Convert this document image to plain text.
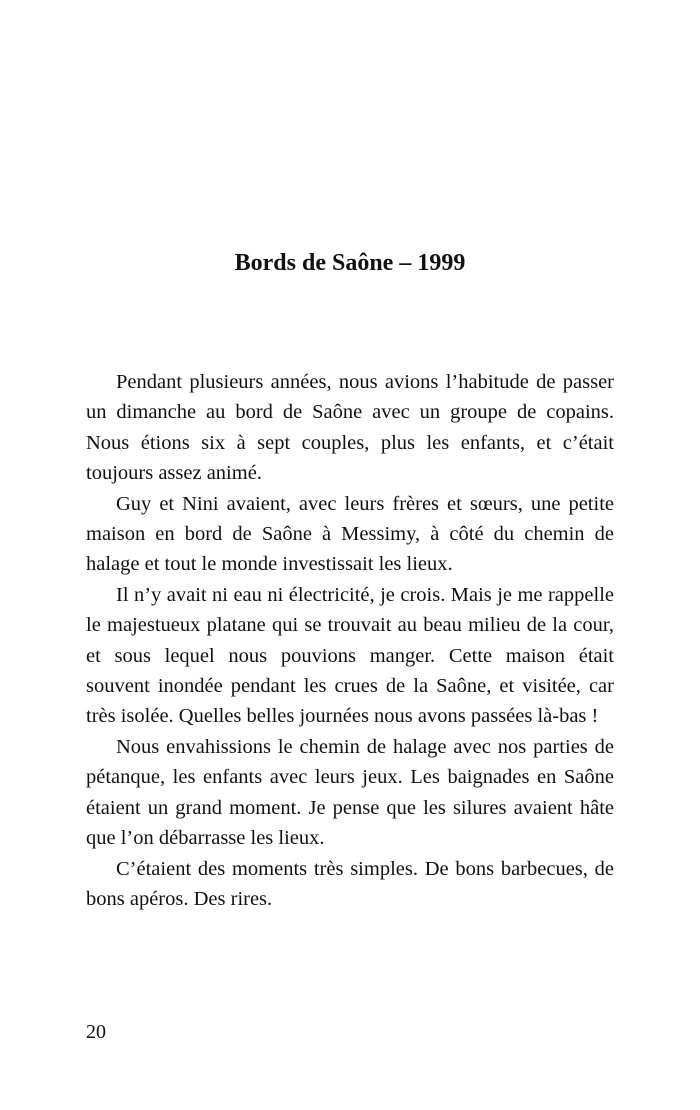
Bords de Saône – 1999

Pendant plusieurs années, nous avions l’habitude de passer un dimanche au bord de Saône avec un groupe de copains. Nous étions six à sept couples, plus les enfants, et c’était toujours assez animé.

Guy et Nini avaient, avec leurs frères et sœurs, une petite maison en bord de Saône à Messimy, à côté du chemin de halage et tout le monde investissait les lieux.

Il n’y avait ni eau ni électricité, je crois. Mais je me rappelle le majestueux platane qui se trouvait au beau milieu de la cour, et sous lequel nous pouvions manger. Cette maison était souvent inondée pendant les crues de la Saône, et visitée, car très isolée. Quelles belles journées nous avons passées là-bas !

Nous envahissions le chemin de halage avec nos parties de pétanque, les enfants avec leurs jeux. Les baignades en Saône étaient un grand moment. Je pense que les silures avaient hâte que l’on débarrasse les lieux.

C’étaient des moments très simples. De bons barbecues, de bons apéros. Des rires.

20
